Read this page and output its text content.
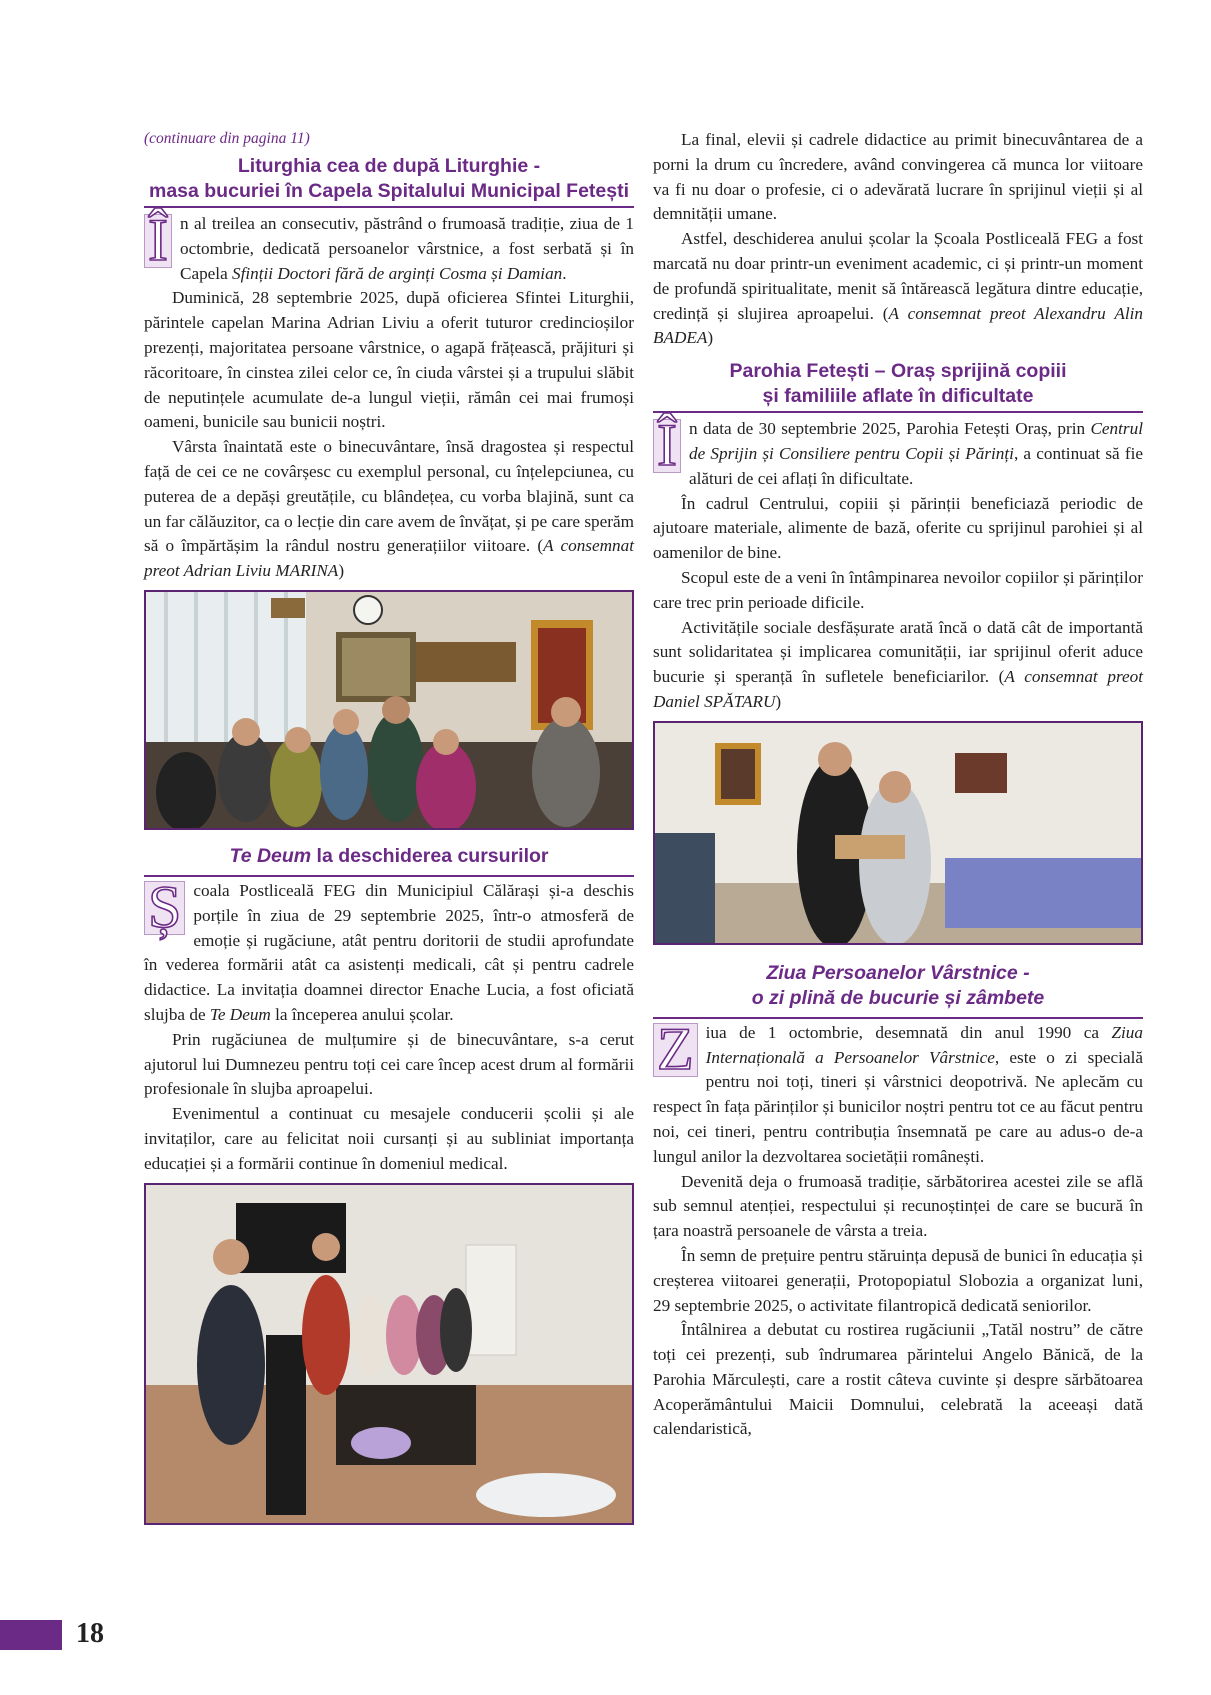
(continuare din pagina 11)
Liturghia cea de după Liturghie -
masa bucuriei în Capela Spitalului Municipal Fetești

Î n al treilea an consecutiv, păstrând o frumoasă tradiție, ziua de 1 octombrie, dedicată persoanelor vârstnice, a fost serbată și în Capela Sfinții Doctori fără de arginți Cosma și Damian.

Duminică, 28 septembrie 2025, după oficierea Sfintei Liturghii, părintele capelan Marina Adrian Liviu a oferit tuturor credincioșilor prezenți, majoritatea persoane vârstnice, o agapă frățească, prăjituri și răcoritoare, în cinstea zilei celor ce, în ciuda vârstei și a trupului slăbit de neputințele acumulate de-a lungul vieții, rămân cei mai frumoși oameni, bunicile sau bunicii noștri.

Vârsta înaintată este o binecuvântare, însă dragostea și respectul față de cei ce ne covârșesc cu exemplul personal, cu înțelepciunea, cu puterea de a depăși greutățile, cu blândețea, cu vorba blajină, sunt ca un far călăuzitor, ca o lecție din care avem de învățat, și pe care sperăm să o împărtășim la rândul nostru generațiilor viitoare. (A consemnat preot Adrian Liviu MARINA)

Te Deum la deschiderea cursurilor

Ș coala Postliceală FEG din Municipiul Călărași și-a deschis porțile în ziua de 29 septembrie 2025, într-o atmosferă de emoție și rugăciune, atât pentru doritorii de studii aprofundate în vederea formării atât ca asistenți medicali, cât și pentru cadrele didactice. La invitația doamnei director Enache Lucia, a fost oficiată slujba de Te Deum la începerea anului școlar.

Prin rugăciunea de mulțumire și de binecuvântare, s-a cerut ajutorul lui Dumnezeu pentru toți cei care încep acest drum al formării profesionale în slujba aproapelui.

Evenimentul a continuat cu mesajele conducerii școlii și ale invitaților, care au felicitat noii cursanți și au subliniat importanța educației și a formării continue în domeniul medical.

La final, elevii și cadrele didactice au primit binecuvântarea de a porni la drum cu încredere, având convingerea că munca lor viitoare va fi nu doar o profesie, ci o adevărată lucrare în sprijinul vieții și al demnității umane.

Astfel, deschiderea anului școlar la Școala Postliceală FEG a fost marcată nu doar printr-un eveniment academic, ci și printr-un moment de profundă spiritualitate, menit să întărească legătura dintre educație, credință și slujirea aproapelui. (A consemnat preot Alexandru Alin BADEA)

Parohia Fetești – Oraș sprijină copiii
și familiile aflate în dificultate

Î n data de 30 septembrie 2025, Parohia Fetești Oraș, prin Centrul de Sprijin și Consiliere pentru Copii și Părinți, a continuat să fie alături de cei aflați în dificultate.

În cadrul Centrului, copiii și părinții beneficiază periodic de ajutoare materiale, alimente de bază, oferite cu sprijinul parohiei și al oamenilor de bine.

Scopul este de a veni în întâmpinarea nevoilor copiilor și părinților care trec prin perioade dificile.

Activitățile sociale desfășurate arată încă o dată cât de importantă sunt solidaritatea și implicarea comunității, iar sprijinul oferit aduce bucurie și speranță în sufletele beneficiarilor. (A consemnat preot Daniel SPĂTARU)

Ziua Persoanelor Vârstnice -
o zi plină de bucurie și zâmbete

Z iua de 1 octombrie, desemnată din anul 1990 ca Ziua Internațională a Persoanelor Vârstnice, este o zi specială pentru noi toți, tineri și vârstnici deopotrivă. Ne aplecăm cu respect în fața părinților și bunicilor noștri pentru tot ce au făcut pentru noi, cei tineri, pentru contribuția însemnată pe care au adus-o de-a lungul anilor la dezvoltarea societății românești.

Devenită deja o frumoasă tradiție, sărbătorirea acestei zile se află sub semnul atenției, respectului și recunoștinței de care se bucură în țara noastră persoanele de vârsta a treia.

În semn de prețuire pentru stăruința depusă de bunici în educația și creșterea viitoarei generații, Protopopiatul Slobozia a organizat luni, 29 septembrie 2025, o activitate filantropică dedicată seniorilor.

Întâlnirea a debutat cu rostirea rugăciunii „Tatăl nostru” de către toți cei prezenți, sub îndrumarea părintelui Angelo Bănică, de la Parohia Mărculești, care a rostit câteva cuvinte și despre sărbătoarea Acoperământului Maicii Domnului, celebrată la aceeași dată calendaristică,

18
